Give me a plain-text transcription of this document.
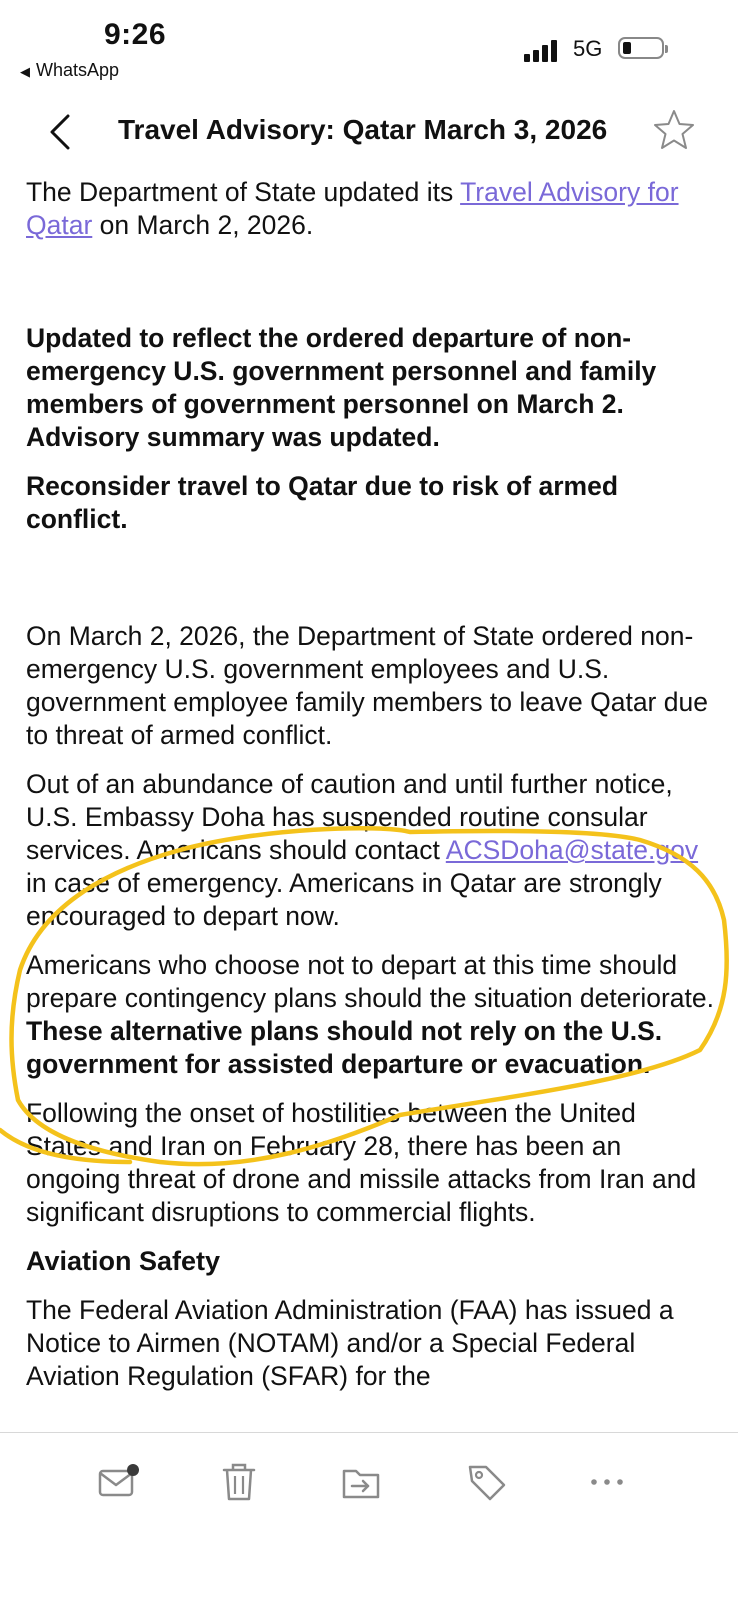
9:26
◀ WhatsApp
5G
Travel Advisory: Qatar March 3, 2026

The Department of State updated its Travel Advisory for Qatar on March 2, 2026.

Updated to reflect the ordered departure of non-emergency U.S. government personnel and family members of government personnel on March 2. Advisory summary was updated.

Reconsider travel to Qatar due to risk of armed conflict.

On March 2, 2026, the Department of State ordered non-emergency U.S. government employees and U.S. government employee family members to leave Qatar due to threat of armed conflict.

Out of an abundance of caution and until further notice, U.S. Embassy Doha has suspended routine consular services. Americans should contact ACSDoha@state.gov in case of emergency. Americans in Qatar are strongly encouraged to depart now.

Americans who choose not to depart at this time should prepare contingency plans should the situation deteriorate. These alternative plans should not rely on the U.S. government for assisted departure or evacuation.

Following the onset of hostilities between the United States and Iran on February 28, there has been an ongoing threat of drone and missile attacks from Iran and significant disruptions to commercial flights.

Aviation Safety

The Federal Aviation Administration (FAA) has issued a Notice to Airmen (NOTAM) and/or a Special Federal Aviation Regulation (SFAR) for the
